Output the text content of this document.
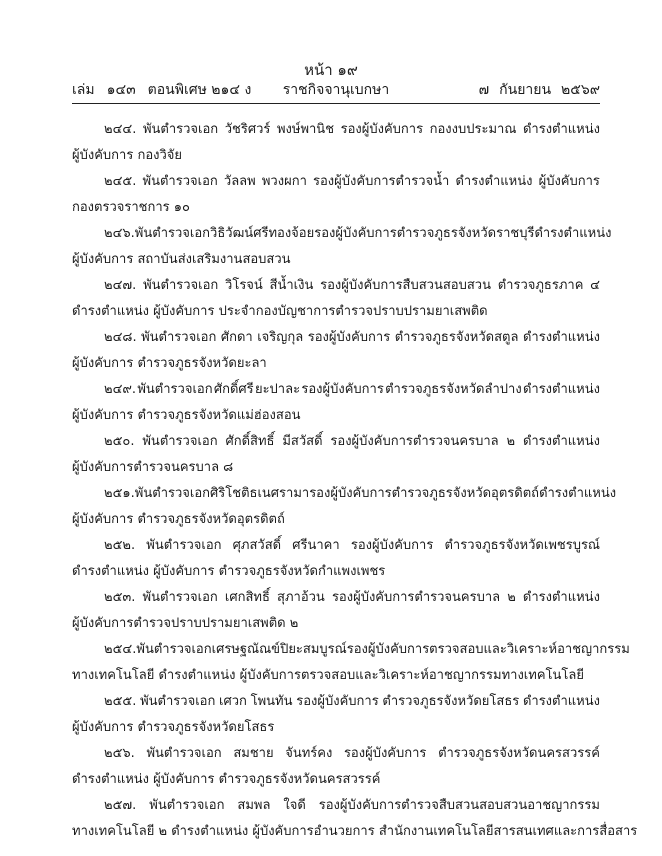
หน้า ๑๙
เล่ม ๑๔๓ ตอนพิเศษ ๒๑๔ ง ราชกิจจานุเบกษา	๗ กันยายน ๒๕๖๙
๒๔๔. พันตำรวจเอก วัชริศวร์ พงษ์พานิช รองผู้บังคับการ กองงบประมาณ ดำรงตำแหน่ง
ผู้บังคับการ กองวิจัย
๒๔๕. พันตำรวจเอก วัลลพ พวงผกา รองผู้บังคับการตำรวจน้ำ ดำรงตำแหน่ง ผู้บังคับการ
กองตรวจราชการ ๑๐
๒๔๖. พันตำรวจเอก วิธิวัฒน์ ศรีทองจ้อย รองผู้บังคับการ ตำรวจภูธรจังหวัดราชบุรี ดำรงตำแหน่ง
ผู้บังคับการ สถาบันส่งเสริมงานสอบสวน
๒๔๗. พันตำรวจเอก วิโรจน์ สีน้ำเงิน รองผู้บังคับการสืบสวนสอบสวน ตำรวจภูธรภาค ๔
ดำรงตำแหน่ง ผู้บังคับการ ประจำกองบัญชาการตำรวจปราบปรามยาเสพติด
๒๔๘. พันตำรวจเอก ศักดา เจริญกุล รองผู้บังคับการ ตำรวจภูธรจังหวัดสตูล ดำรงตำแหน่ง
ผู้บังคับการ ตำรวจภูธรจังหวัดยะลา
๒๔๙. พันตำรวจเอก ศักดิ์ศรี ยะปาละ รองผู้บังคับการ ตำรวจภูธรจังหวัดลำปาง ดำรงตำแหน่ง
ผู้บังคับการ ตำรวจภูธรจังหวัดแม่ฮ่องสอน
๒๕๐. พันตำรวจเอก ศักดิ์สิทธิ์ มีสวัสดิ์ รองผู้บังคับการตำรวจนครบาล ๒ ดำรงตำแหน่ง
ผู้บังคับการตำรวจนครบาล ๘
๒๕๑. พันตำรวจเอก ศิริโชติ ธเนศรามา รองผู้บังคับการ ตำรวจภูธรจังหวัดอุตรดิตถ์ ดำรงตำแหน่ง
ผู้บังคับการ ตำรวจภูธรจังหวัดอุตรดิตถ์
๒๕๒. พันตำรวจเอก ศุภสวัสดิ์ ศรีนาคา รองผู้บังคับการ ตำรวจภูธรจังหวัดเพชรบูรณ์
ดำรงตำแหน่ง ผู้บังคับการ ตำรวจภูธรจังหวัดกำแพงเพชร
๒๕๓. พันตำรวจเอก เศกสิทธิ์ สุภาอ้วน รองผู้บังคับการตำรวจนครบาล ๒ ดำรงตำแหน่ง
ผู้บังคับการตำรวจปราบปรามยาเสพติด ๒
๒๕๔. พันตำรวจเอก เศรษฐณัณข์ ปิยะสมบูรณ์ รองผู้บังคับการตรวจสอบและวิเคราะห์อาชญากรรม
ทางเทคโนโลยี ดำรงตำแหน่ง ผู้บังคับการตรวจสอบและวิเคราะห์อาชญากรรมทางเทคโนโลยี
๒๕๕. พันตำรวจเอก เศวก โพนทัน รองผู้บังคับการ ตำรวจภูธรจังหวัดยโสธร ดำรงตำแหน่ง
ผู้บังคับการ ตำรวจภูธรจังหวัดยโสธร
๒๕๖. พันตำรวจเอก สมชาย จันทร์คง รองผู้บังคับการ ตำรวจภูธรจังหวัดนครสวรรค์
ดำรงตำแหน่ง ผู้บังคับการ ตำรวจภูธรจังหวัดนครสวรรค์
๒๕๗. พันตำรวจเอก สมพล ใจดี รองผู้บังคับการตำรวจสืบสวนสอบสวนอาชญากรรม
ทางเทคโนโลยี ๒ ดำรงตำแหน่ง ผู้บังคับการอำนวยการ สำนักงานเทคโนโลยีสารสนเทศและการสื่อสาร
